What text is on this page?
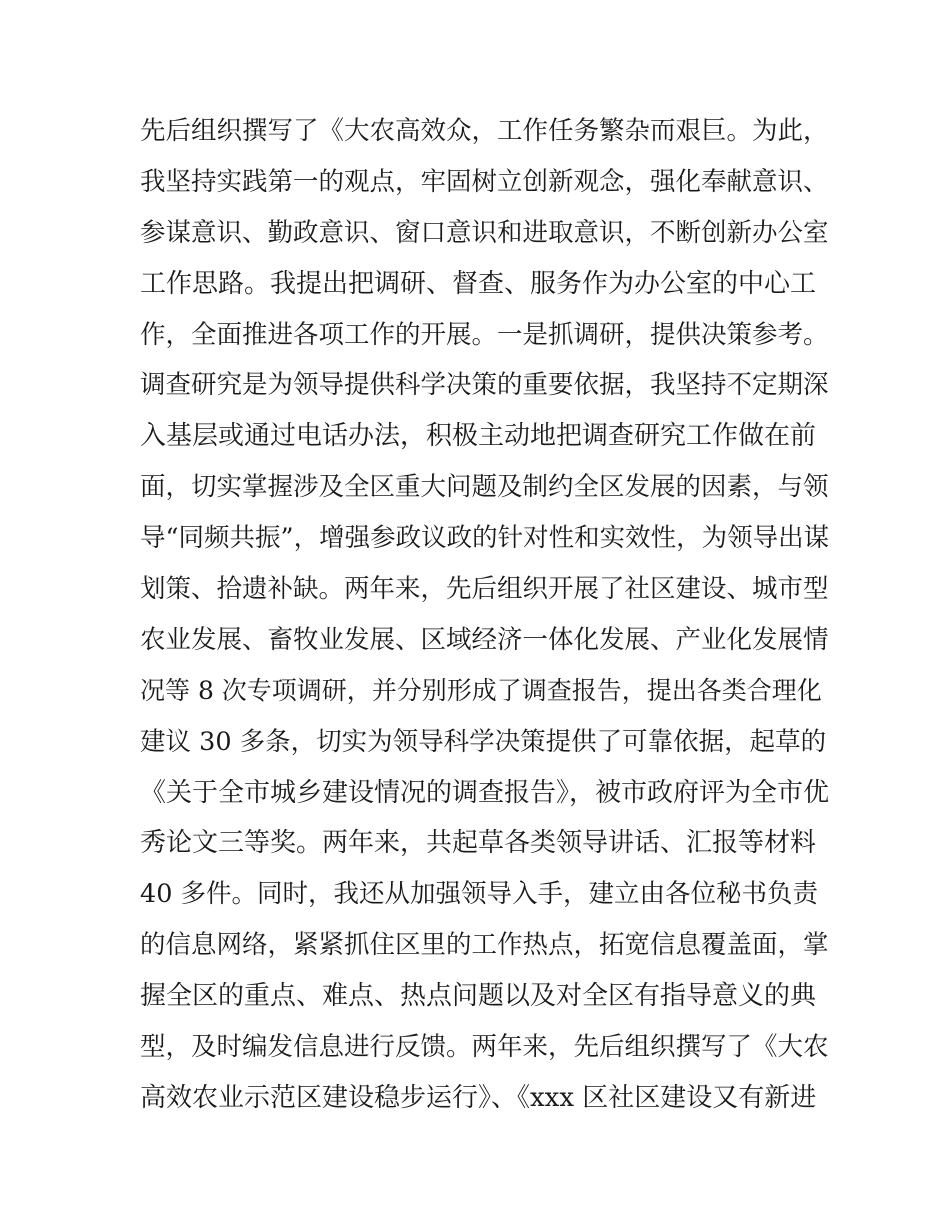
先后组织撰写了《大农高效众，工作任务繁杂而艰巨。为此，
我坚持实践第一的观点，牢固树立创新观念，强化奉献意识、
参谋意识、勤政意识、窗口意识和进取意识，不断创新办公室
工作思路。我提出把调研、督查、服务作为办公室的中心工
作，全面推进各项工作的开展。一是抓调研，提供决策参考。
调查研究是为领导提供科学决策的重要依据，我坚持不定期深
入基层或通过电话办法，积极主动地把调查研究工作做在前
面，切实掌握涉及全区重大问题及制约全区发展的因素，与领
导“同频共振”，增强参政议政的针对性和实效性，为领导出谋
划策、拾遗补缺。两年来，先后组织开展了社区建设、城市型
农业发展、畜牧业发展、区域经济一体化发展、产业化发展情
况等 8 次专项调研，并分别形成了调查报告，提出各类合理化
建议 30 多条，切实为领导科学决策提供了可靠依据，起草的
《关于全市城乡建设情况的调查报告》，被市政府评为全市优
秀论文三等奖。两年来，共起草各类领导讲话、汇报等材料
40 多件。同时，我还从加强领导入手，建立由各位秘书负责
的信息网络，紧紧抓住区里的工作热点，拓宽信息覆盖面，掌
握全区的重点、难点、热点问题以及对全区有指导意义的典
型，及时编发信息进行反馈。两年来，先后组织撰写了《大农
高效农业示范区建设稳步运行》、《xxx 区社区建设又有新进
